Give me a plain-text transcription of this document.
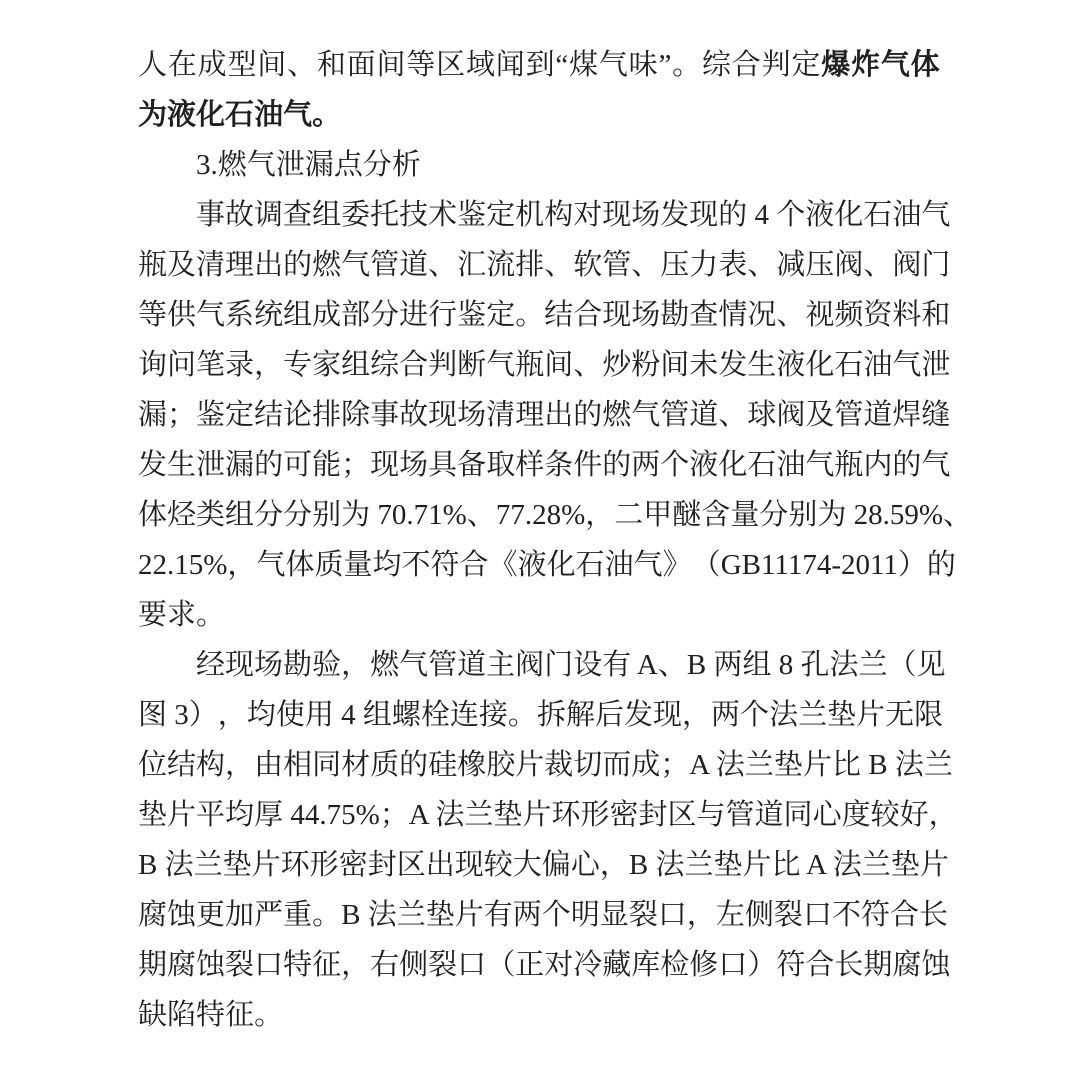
人 在 成 型 间 、 和 面 间 等 区 域 闻 到 “ 煤 气 味 ” 。 综 合 判 定 爆 炸 气 体
为 液 化 石 油 气 。
3. 燃 气 泄 漏 点 分 析
事 故 调 查 组 委 托 技 术 鉴 定 机 构 对 现 场 发 现 的 4 个 液 化 石 油 气
瓶 及 清 理 出 的 燃 气 管 道 、 汇 流 排 、 软 管 、 压 力 表 、 减 压 阀 、 阀 门
等 供 气 系 统 组 成 部 分 进 行 鉴 定 。 结 合 现 场 勘 查 情 况 、 视 频 资 料 和
询 问 笔 录 ， 专 家 组 综 合 判 断 气 瓶 间 、 炒 粉 间 未 发 生 液 化 石 油 气 泄
漏 ； 鉴 定 结 论 排 除 事 故 现 场 清 理 出 的 燃 气 管 道 、 球 阀 及 管 道 焊 缝
发 生 泄 漏 的 可 能 ； 现 场 具 备 取 样 条 件 的 两 个 液 化 石 油 气 瓶 内 的 气
体 烃 类 组 分 分 别 为 70.71% 、 77.28% ， 二 甲 醚 含 量 分 别 为 28.59% 、
22.15% ， 气 体 质 量 均 不 符 合 《 液 化 石 油 气 》 （ GB11174-2011 ） 的
要 求 。
经 现 场 勘 验 ， 燃 气 管 道 主 阀 门 设 有 A 、 B 两 组 8 孔 法 兰 （ 见
图 3 ） ， 均 使 用 4 组 螺 栓 连 接 。 拆 解 后 发 现 ， 两 个 法 兰 垫 片 无 限
位 结 构 ， 由 相 同 材 质 的 硅 橡 胶 片 裁 切 而 成 ； A 法 兰 垫 片 比 B 法 兰
垫 片 平 均 厚 44.75% ； A 法 兰 垫 片 环 形 密 封 区 与 管 道 同 心 度 较 好 ，
B 法 兰 垫 片 环 形 密 封 区 出 现 较 大 偏 心 ， B 法 兰 垫 片 比 A 法 兰 垫 片
腐 蚀 更 加 严 重 。 B 法 兰 垫 片 有 两 个 明 显 裂 口 ， 左 侧 裂 口 不 符 合 长
期 腐 蚀 裂 口 特 征 ， 右 侧 裂 口 （ 正 对 冷 藏 库 检 修 口 ） 符 合 长 期 腐 蚀
缺 陷 特 征 。
